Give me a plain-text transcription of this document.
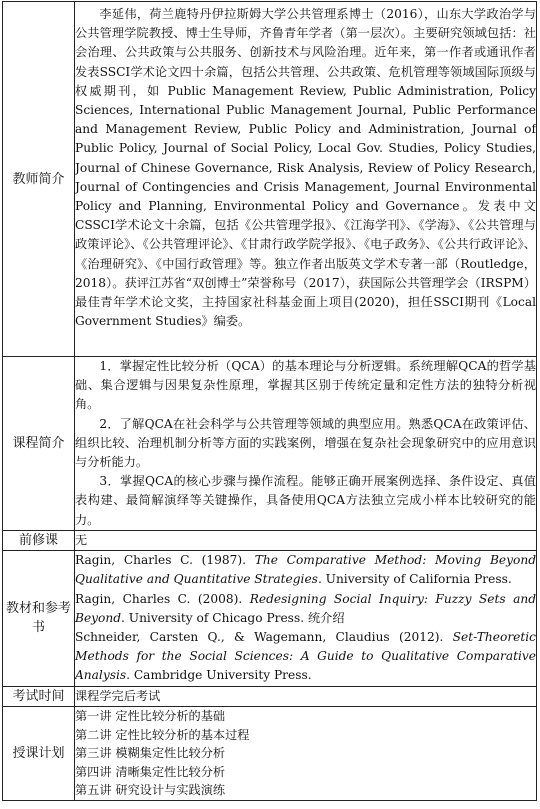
教师简介	李延伟，荷兰鹿特丹伊拉斯姆大学公共管理系博士（2016），山东大学政治学与公共管理学院教授、博士生导师，齐鲁青年学者（第一层次）。主要研究领域包括：社会治理、公共政策与公共服务、创新技术与风险治理。近年来，第一作者或通讯作者发表SSCI学术论文四十余篇，包括公共管理、公共政策、危机管理等领域国际顶级与权威期刊，如 Public Management Review, Public Administration, Policy Sciences, International Public Management Journal, Public Performance and Management Review, Public Policy and Administration, Journal of Public Policy, Journal of Social Policy, Local Gov. Studies, Policy Studies, Journal of Chinese Governance, Risk Analysis, Review of Policy Research, Journal of Contingencies and Crisis Management, Journal Environmental Policy and Planning, Environmental Policy and Governance。发表中文CSSCI学术论文十余篇，包括《公共管理学报》、《江海学刊》、《学海》、《公共管理与政策评论》、《公共管理评论》、《甘肃行政学院学报》、《电子政务》、《公共行政评论》、《治理研究》、《中国行政管理》等。独立作者出版英文学术专著一部（Routledge，2018）。获评江苏省“双创博士”荣誉称号（2017），获国际公共管理学会（IRSPM）最佳青年学术论文奖，主持国家社科基金面上项目(2020)，担任SSCI期刊《Local Government Studies》编委。

课程简介	1．掌握定性比较分析（QCA）的基本理论与分析逻辑。系统理解QCA的哲学基础、集合逻辑与因果复杂性原理，掌握其区别于传统定量和定性方法的独特分析视角。

2．了解QCA在社会科学与公共管理等领域的典型应用。熟悉QCA在政策评估、组织比较、治理机制分析等方面的实践案例，增强在复杂社会现象研究中的应用意识与分析能力。

3．掌握QCA的核心步骤与操作流程。能够正确开展案例选择、条件设定、真值表构建、最简解演绎等关键操作，具备使用QCA方法独立完成小样本比较研究的能力。

前修课	无
教材和参考书	Ragin, Charles C. (1987). The Comparative Method: Moving Beyond Qualitative and Quantitative Strategies. University of California Press.

Ragin, Charles C. (2008). Redesigning Social Inquiry: Fuzzy Sets and Beyond. University of Chicago Press. 统介绍

Schneider, Carsten Q., & Wagemann, Claudius (2012). Set-Theoretic Methods for the Social Sciences: A Guide to Qualitative Comparative Analysis. Cambridge University Press.

考试时间	课程学完后考试
授课计划	第一讲 定性比较分析的基础

第二讲 定性比较分析的基本过程

第三讲 模糊集定性比较分析

第四讲 清晰集定性比较分析

第五讲 研究设计与实践演练
